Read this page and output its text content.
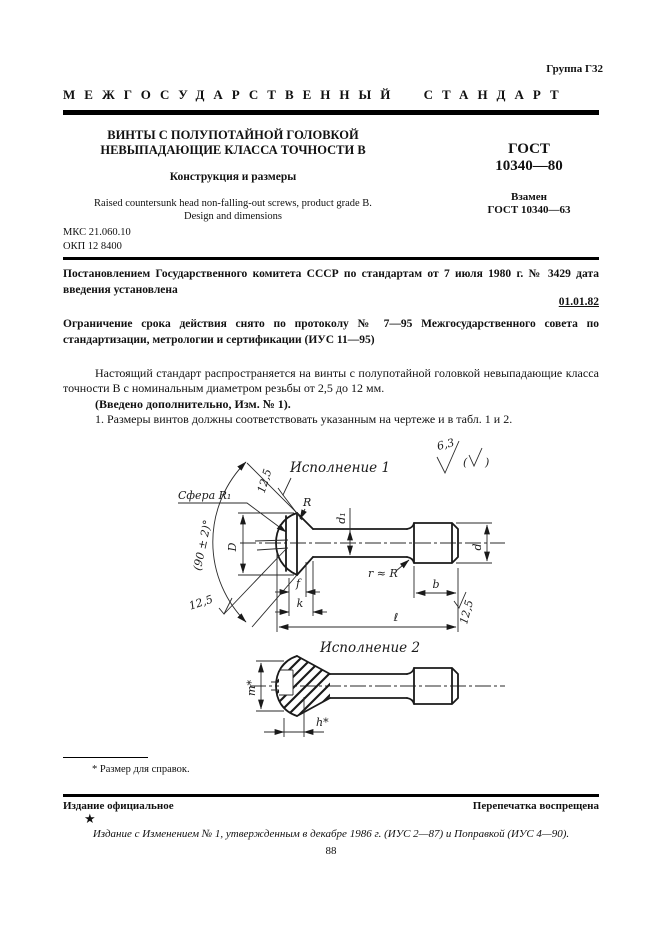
Группа Г32
МЕЖГОСУДАРСТВЕННЫЙ СТАНДАРТ
ВИНТЫ С ПОЛУПОТАЙНОЙ ГОЛОВКОЙ
НЕВЫПАДАЮЩИЕ КЛАССА ТОЧНОСТИ В
Конструкция и размеры
Raised countersunk head non-falling-out screws, product grade B.
Design and dimensions
ГОСТ
10340—80
Взамен
ГОСТ 10340—63
МКС 21.060.10
ОКП 12 8400
Постановлением Государственного комитета СССР по стандартам от 7 июля 1980 г. № 3429 дата введения установлена
01.01.82
Ограничение срока действия снято по протоколу № 7—95 Межгосударственного совета по стандартизации, метрологии и сертификации (ИУС 11—95)
Настоящий стандарт распространяется на винты с полупотайной головкой невыпадающие класса точности В с номинальным диаметром резьбы от 2,5 до 12 мм.
(Введено дополнительно, Изм. № 1).
1. Размеры винтов должны соответствовать указанным на чертеже и в табл. 1 и 2.
6,3
( )
Исполнение 1
D
(90 ± 2)°
Сфера R₁
R
12,5
12,5
d₁
d
r ≈ R
b
f
k
ℓ	12,5
Исполнение 2
m*
h*
* Размер для справок.
Издание официальное	Перепечатка воспрещена
★
Издание с Изменением № 1, утвержденным в декабре 1986 г. (ИУС 2—87) и Поправкой (ИУС 4—90).
88
